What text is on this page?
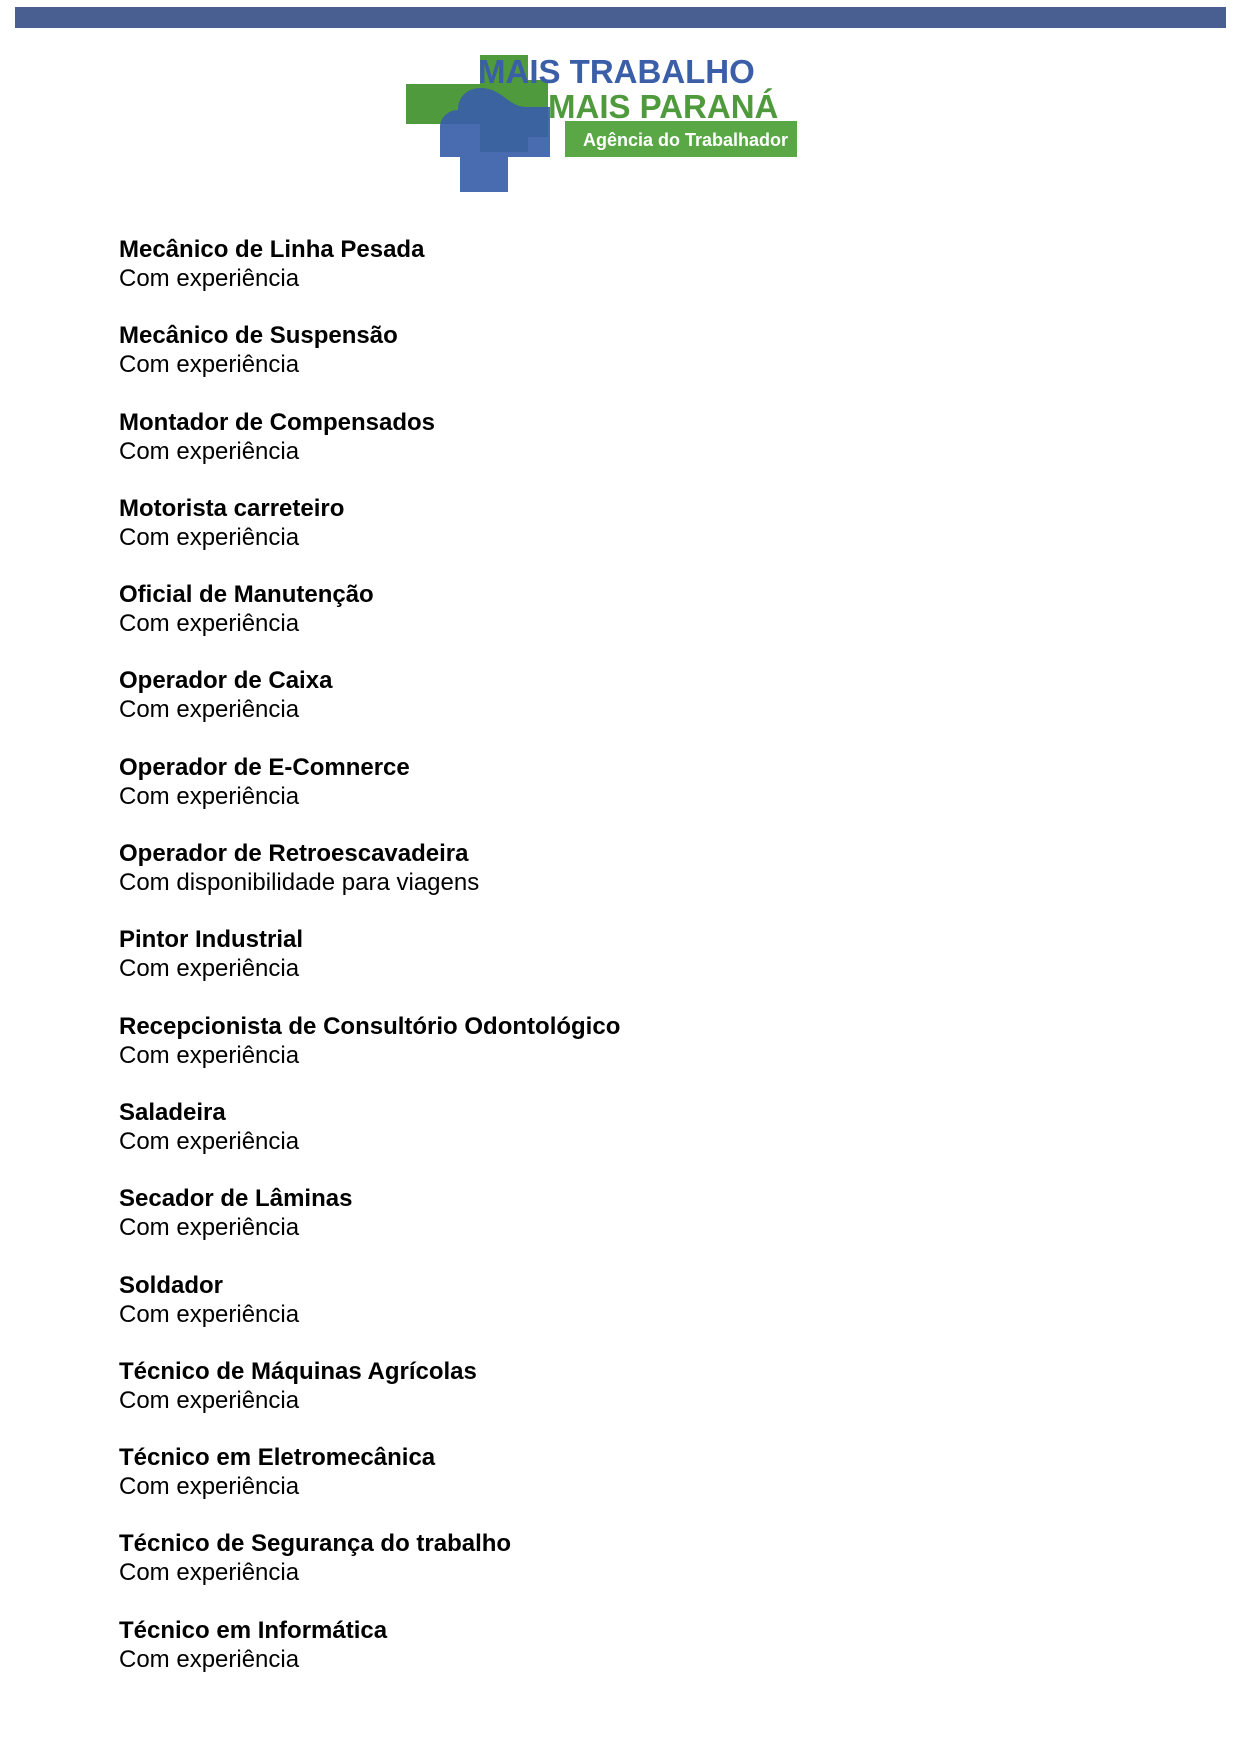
MAIS TRABALHO
MAIS PARANÁ
Agência do Trabalhador
Mecânico de Linha Pesada
Com experiência
Mecânico de Suspensão
Com experiência
Montador de Compensados
Com experiência
Motorista carreteiro
Com experiência
Oficial de Manutenção
Com experiência
Operador de Caixa
Com experiência
Operador de E-Comnerce
Com experiência
Operador de Retroescavadeira
Com disponibilidade para viagens
Pintor Industrial
Com experiência
Recepcionista de Consultório Odontológico
Com experiência
Saladeira
Com experiência
Secador de Lâminas
Com experiência
Soldador
Com experiência
Técnico de Máquinas Agrícolas
Com experiência
Técnico em Eletromecânica
Com experiência
Técnico de Segurança do trabalho
Com experiência
Técnico em Informática
Com experiência
